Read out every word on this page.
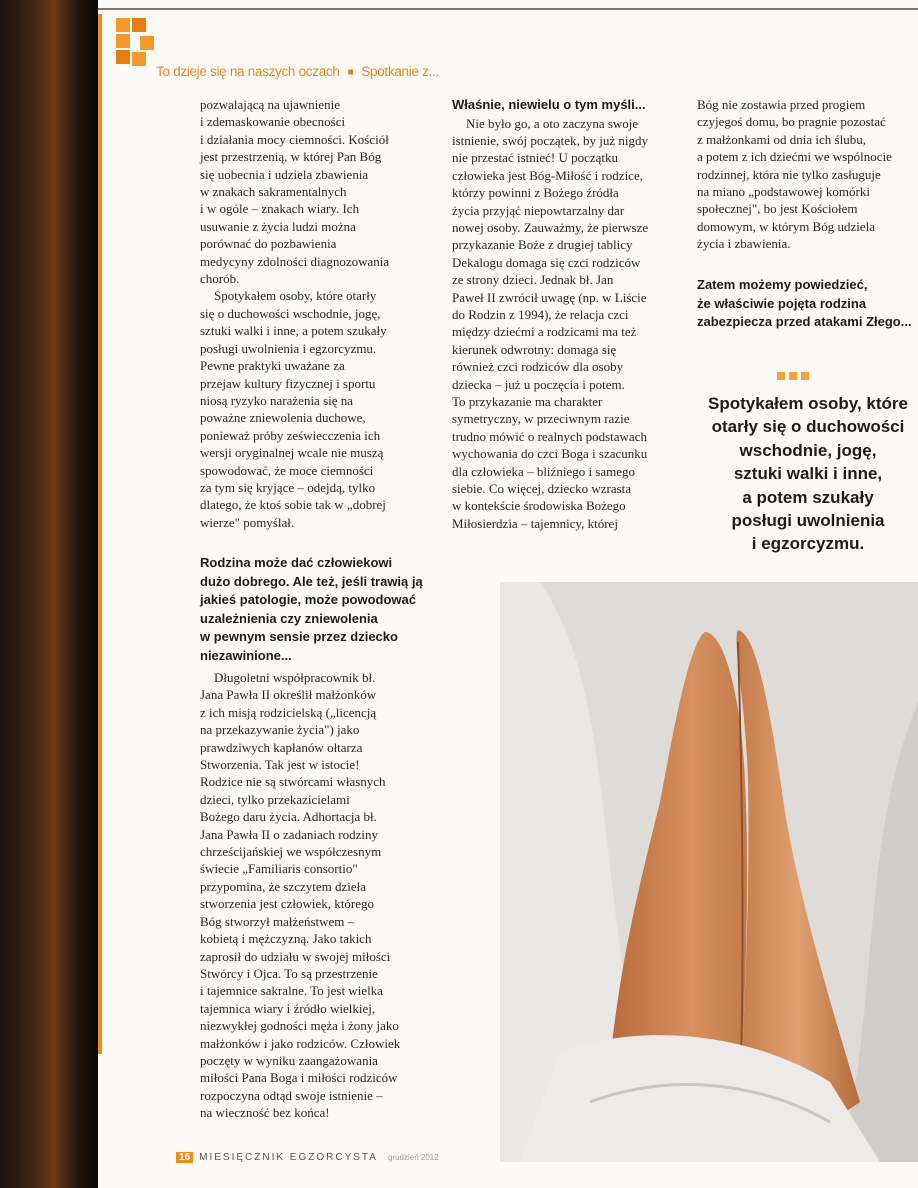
To dzieje się na naszych oczach ■ Spotkanie z...

pozwalającą na ujawnienie
i zdemaskowanie obecności
i działania mocy ciemności. Kościół
jest przestrzenią, w której Pan Bóg
się uobecnia i udziela zbawienia
w znakach sakramentalnych
i w ogóle – znakach wiary. Ich
usuwanie z życia ludzi można
porównać do pozbawienia
medycyny zdolności diagnozowania
chorób.

Spotykałem osoby, które otarły
się o duchowości wschodnie, jogę,
sztuki walki i inne, a potem szukały
posługi uwolnienia i egzorcyzmu.
Pewne praktyki uważane za
przejaw kultury fizycznej i sportu
niosą ryzyko narażenia się na
poważne zniewolenia duchowe,
ponieważ próby zeświecczenia ich
wersji oryginalnej wcale nie muszą
spowodować, że moce ciemności
za tym się kryjące – odejdą, tylko
dlatego, że ktoś sobie tak w „dobrej
wierze" pomyślał.

Rodzina może dać człowiekowi
dużo dobrego. Ale też, jeśli trawią ją
jakieś patologie, może powodować
uzależnienia czy zniewolenia
w pewnym sensie przez dziecko
niezawinione...

Długoletni współpracownik bł.
Jana Pawła II określił małżonków
z ich misją rodzicielską („licencją
na przekazywanie życia") jako
prawdziwych kapłanów ołtarza
Stworzenia. Tak jest w istocie!
Rodzice nie są stwórcami własnych
dzieci, tylko przekazicielami
Bożego daru życia. Adhortacja bł.
Jana Pawła II o zadaniach rodziny
chrześcijańskiej we współczesnym
świecie „Familiaris consortio"
przypomina, że szczytem dzieła
stworzenia jest człowiek, którego
Bóg stworzył małżeństwem –
kobietą i mężczyzną. Jako takich
zaprosił do udziału w swojej miłości
Stwórcy i Ojca. To są przestrzenie
i tajemnice sakralne. To jest wielka
tajemnica wiary i źródło wielkiej,
niezwykłej godności męża i żony jako
małżonków i jako rodziców. Człowiek
poczęty w wyniku zaangażowania
miłości Pana Boga i miłości rodziców
rozpoczyna odtąd swoje istnienie –
na wieczność bez końca!

Właśnie, niewielu o tym myśli...

Nie było go, a oto zaczyna swoje
istnienie, swój początek, by już nigdy
nie przestać istnieć! U początku
człowieka jest Bóg-Miłość i rodzice,
którzy powinni z Bożego źródła
życia przyjąć niepowtarzalny dar
nowej osoby. Zauważmy, że pierwsze
przykazanie Boże z drugiej tablicy
Dekalogu domaga się czci rodziców
ze strony dzieci. Jednak bł. Jan
Paweł II zwrócił uwagę (np. w Liście
do Rodzin z 1994), że relacja czci
między dziećmi a rodzicami ma też
kierunek odwrotny: domaga się
również czci rodziców dla osoby
dziecka – już u poczęcia i potem.

To przykazanie ma charakter
symetryczny, w przeciwnym razie
trudno mówić o realnych podstawach
wychowania do czci Boga i szacunku
dla człowieka – bliźniego i samego
siebie. Co więcej, dziecko wzrasta
w kontekście środowiska Bożego
Miłosierdzia – tajemnicy, której

Bóg nie zostawia przed progiem
czyjegoś domu, bo pragnie pozostać
z małżonkami od dnia ich ślubu,
a potem z ich dziećmi we wspólnocie
rodzinnej, która nie tylko zasługuje
na miano „podstawowej komórki
społecznej", bo jest Kościołem
domowym, w którym Bóg udziela
życia i zbawienia.

Zatem możemy powiedzieć,
że właściwie pojęta rodzina
zabezpiecza przed atakami Złego...

Spotykałem osoby, które
otarły się o duchowości
wschodnie, jogę,
sztuki walki i inne,
a potem szukały
posługi uwolnienia
i egzorcyzmu.
16 MIESIĘCZNIK EGZORCYSTA grudzień 2012
